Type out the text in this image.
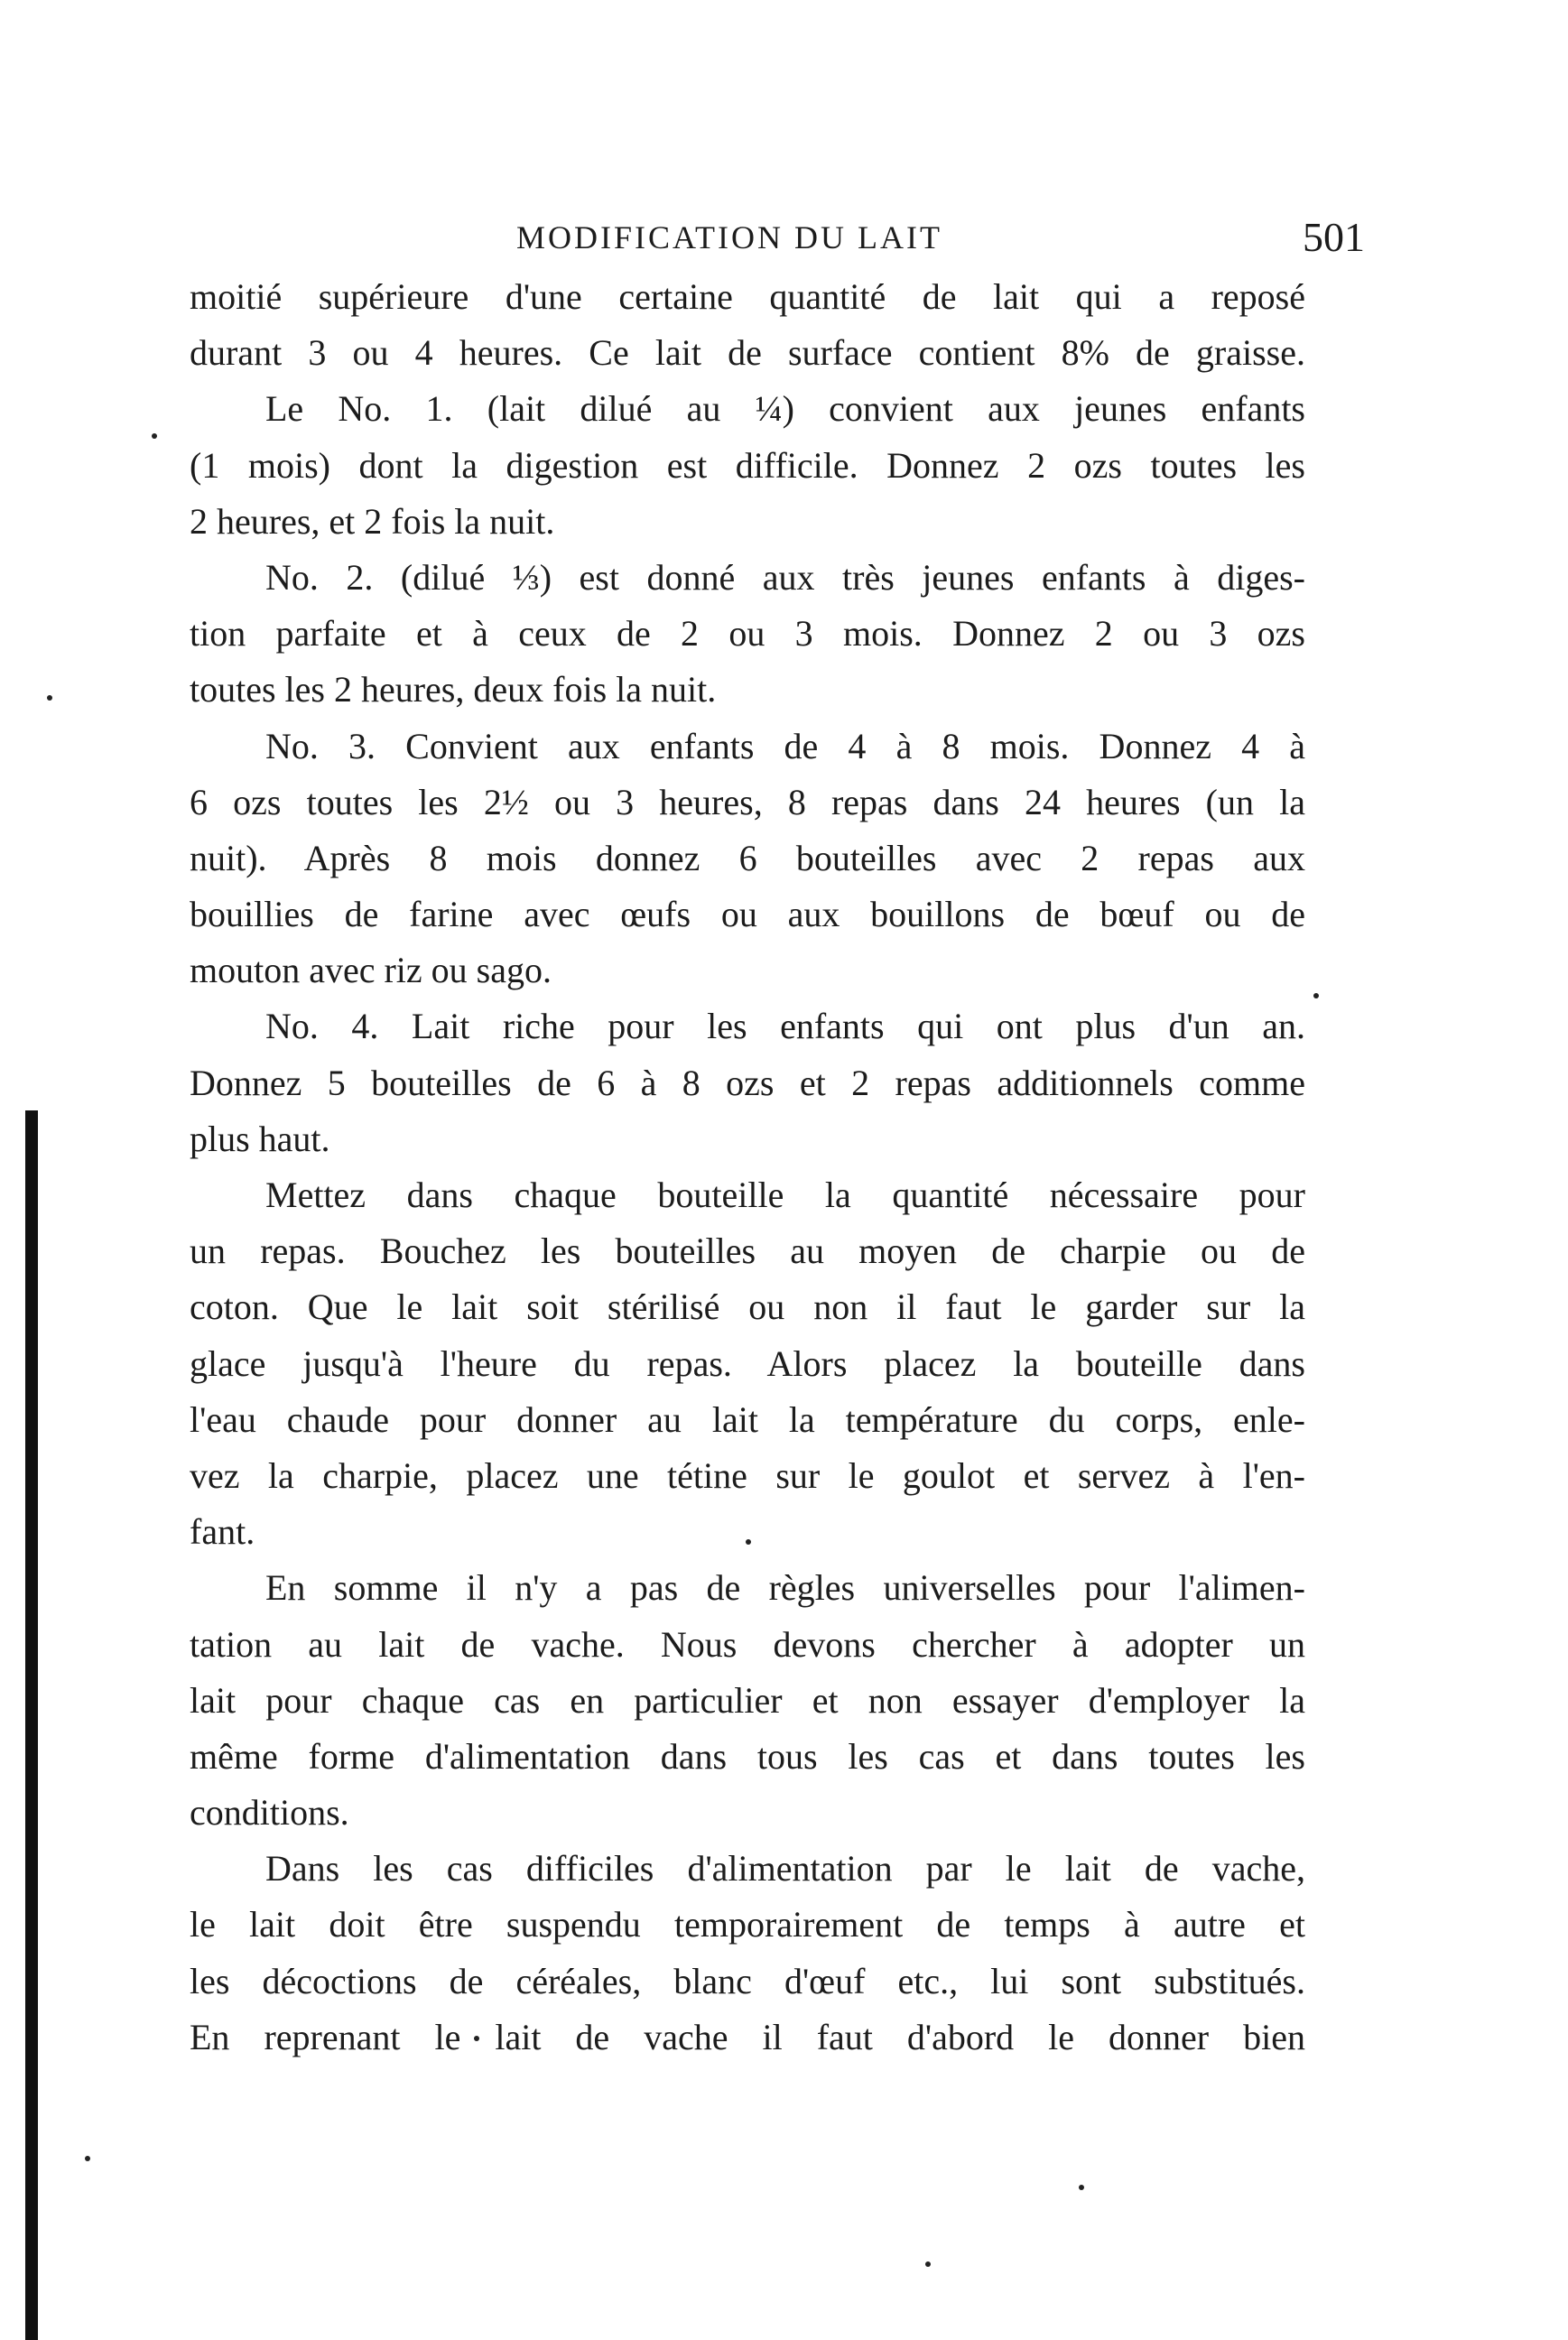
MODIFICATION DU LAIT	501
moitié supérieure d'une certaine quantité de lait qui a reposé
durant 3 ou 4 heures. Ce lait de surface contient 8% de graisse.
Le No. 1. (lait dilué au ¼) convient aux jeunes enfants
(1 mois) dont la digestion est difficile. Donnez 2 ozs toutes les
2 heures, et 2 fois la nuit.
No. 2. (dilué ⅓) est donné aux très jeunes enfants à diges-
tion parfaite et à ceux de 2 ou 3 mois. Donnez 2 ou 3 ozs
toutes les 2 heures, deux fois la nuit.
No. 3. Convient aux enfants de 4 à 8 mois. Donnez 4 à
6 ozs toutes les 2½ ou 3 heures, 8 repas dans 24 heures (un la
nuit). Après 8 mois donnez 6 bouteilles avec 2 repas aux
bouillies de farine avec œufs ou aux bouillons de bœuf ou de
mouton avec riz ou sago.
No. 4. Lait riche pour les enfants qui ont plus d'un an.
Donnez 5 bouteilles de 6 à 8 ozs et 2 repas additionnels comme
plus haut.
Mettez dans chaque bouteille la quantité nécessaire pour
un repas. Bouchez les bouteilles au moyen de charpie ou de
coton. Que le lait soit stérilisé ou non il faut le garder sur la
glace jusqu'à l'heure du repas. Alors placez la bouteille dans
l'eau chaude pour donner au lait la température du corps, enle-
vez la charpie, placez une tétine sur le goulot et servez à l'en-
fant.
En somme il n'y a pas de règles universelles pour l'alimen-
tation au lait de vache. Nous devons chercher à adopter un
lait pour chaque cas en particulier et non essayer d'employer la
même forme d'alimentation dans tous les cas et dans toutes les
conditions.
Dans les cas difficiles d'alimentation par le lait de vache,
le lait doit être suspendu temporairement de temps à autre et
les décoctions de céréales, blanc d'œuf etc., lui sont substitués.
En reprenant le lait de vache il faut d'abord le donner bien
